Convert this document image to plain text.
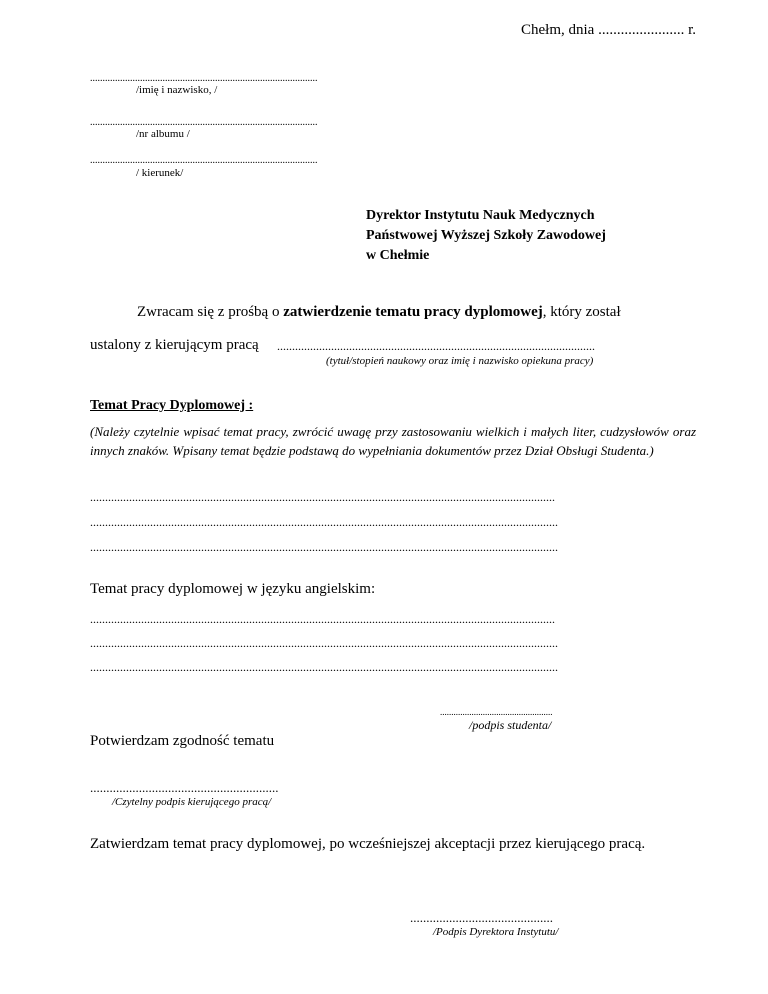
Chełm, dnia ....................... r.
...........................................................................................
/imię i nazwisko, /
...........................................................................................
/nr albumu /
...........................................................................................
/ kierunek/
Dyrektor Instytutu Nauk Medycznych
Państwowej Wyższej Szkoły Zawodowej
w Chełmie
Zwracam się z prośbą o zatwierdzenie tematu pracy dyplomowej, który został
ustalony z kierującym pracą ..........................................................................................................
(tytuł/stopień naukowy oraz imię i nazwisko opiekuna pracy)
Temat Pracy Dyplomowej :
(Należy czytelnie wpisać temat pracy, zwrócić uwagę przy zastosowaniu wielkich i małych liter, cudzysłowów oraz innych znaków. Wpisany temat będzie podstawą do wypełniania dokumentów przez Dział Obsługi Studenta.)
...........................................................................................................................................................
............................................................................................................................................................
............................................................................................................................................................
Temat pracy dyplomowej w języku angielskim:
...........................................................................................................................................................
............................................................................................................................................................
............................................................................................................................................................
..................................................
/podpis studenta/
Potwierdzam zgodność tematu
..........................................................
/Czytelny podpis kierującego pracą/
Zatwierdzam temat pracy dyplomowej, po wcześniejszej akceptacji przez kierującego pracą.
............................................
/Podpis Dyrektora Instytutu/
